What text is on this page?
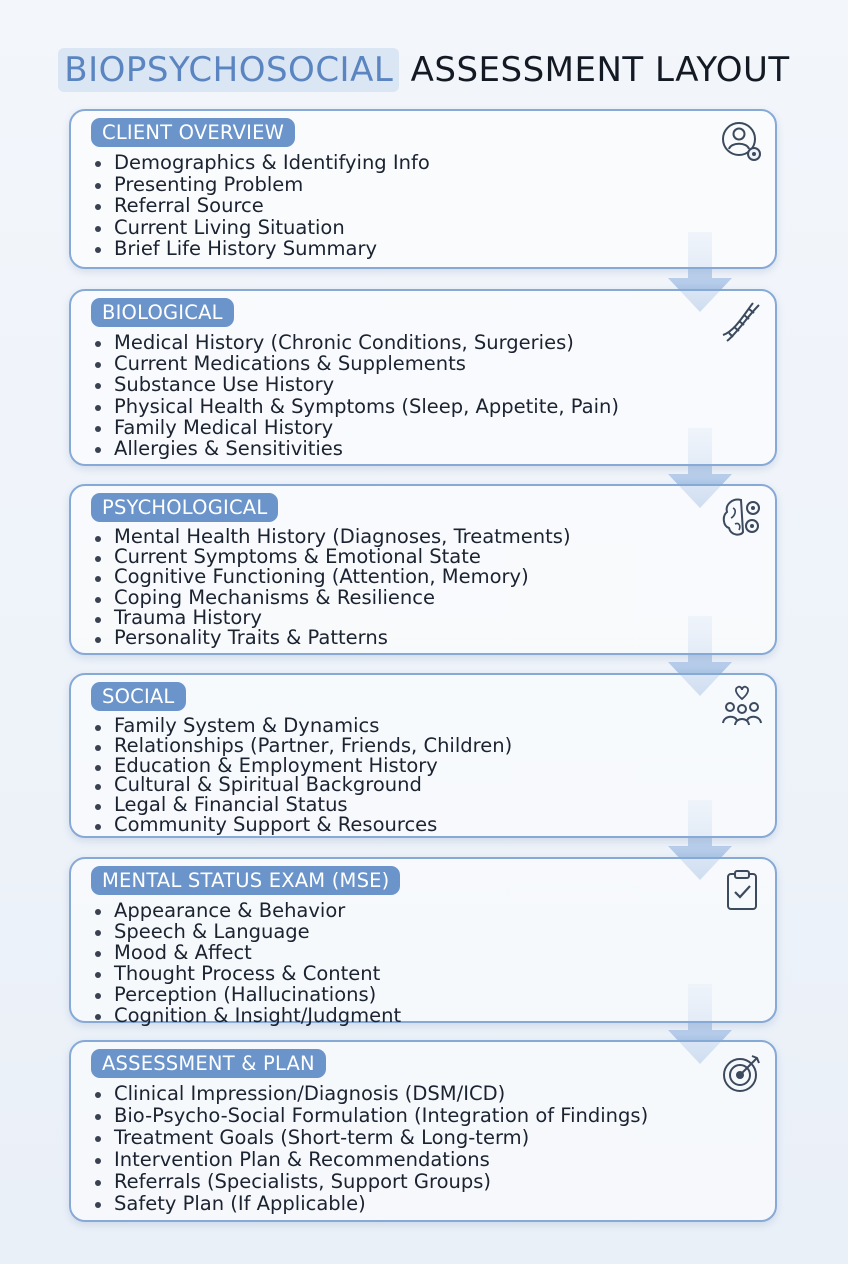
BIOPSYCHOSOCIAL ASSESSMENT LAYOUT
CLIENT OVERVIEW
Demographics & Identifying Info
Presenting Problem
Referral Source
Current Living Situation
Brief Life History Summary
BIOLOGICAL
Medical History (Chronic Conditions, Surgeries)
Current Medications & Supplements
Substance Use History
Physical Health & Symptoms (Sleep, Appetite, Pain)
Family Medical History
Allergies & Sensitivities
PSYCHOLOGICAL
Mental Health History (Diagnoses, Treatments)
Current Symptoms & Emotional State
Cognitive Functioning (Attention, Memory)
Coping Mechanisms & Resilience
Trauma History
Personality Traits & Patterns
SOCIAL
Family System & Dynamics
Relationships (Partner, Friends, Children)
Education & Employment History
Cultural & Spiritual Background
Legal & Financial Status
Community Support & Resources
MENTAL STATUS EXAM (MSE)
Appearance & Behavior
Speech & Language
Mood & Affect
Thought Process & Content
Perception (Hallucinations)
Cognition & Insight/Judgment
ASSESSMENT & PLAN
Clinical Impression/Diagnosis (DSM/ICD)
Bio-Psycho-Social Formulation (Integration of Findings)
Treatment Goals (Short-term & Long-term)
Intervention Plan & Recommendations
Referrals (Specialists, Support Groups)
Safety Plan (If Applicable)
